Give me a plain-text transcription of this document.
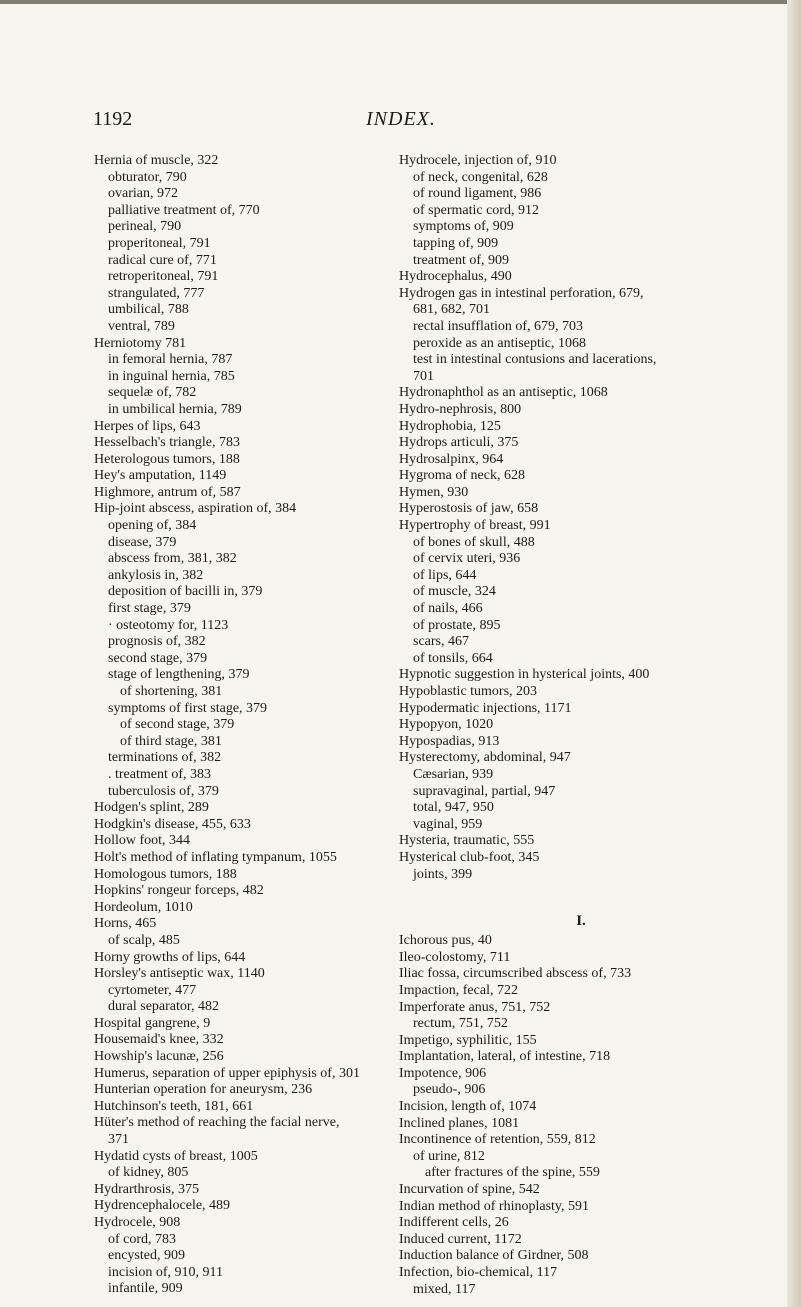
1192	INDEX.
Hernia of muscle, 322
obturator, 790
ovarian, 972
palliative treatment of, 770
perineal, 790
properitoneal, 791
radical cure of, 771
retroperitoneal, 791
strangulated, 777
umbilical, 788
ventral, 789
Herniotomy 781
in femoral hernia, 787
in inguinal hernia, 785
sequelæ of, 782
in umbilical hernia, 789
Herpes of lips, 643
Hesselbach's triangle, 783
Heterologous tumors, 188
Hey's amputation, 1149
Highmore, antrum of, 587
Hip-joint abscess, aspiration of, 384
opening of, 384
disease, 379
abscess from, 381, 382
ankylosis in, 382
deposition of bacilli in, 379
first stage, 379
· osteotomy for, 1123
prognosis of, 382
second stage, 379
stage of lengthening, 379
of shortening, 381
symptoms of first stage, 379
of second stage, 379
of third stage, 381
terminations of, 382
. treatment of, 383
tuberculosis of, 379
Hodgen's splint, 289
Hodgkin's disease, 455, 633
Hollow foot, 344
Holt's method of inflating tympanum, 1055
Homologous tumors, 188
Hopkins' rongeur forceps, 482
Hordeolum, 1010
Horns, 465
of scalp, 485
Horny growths of lips, 644
Horsley's antiseptic wax, 1140
cyrtometer, 477
dural separator, 482
Hospital gangrene, 9
Housemaid's knee, 332
Howship's lacunæ, 256
Humerus, separation of upper epiphysis of, 301
Hunterian operation for aneurysm, 236
Hutchinson's teeth, 181, 661
Hüter's method of reaching the facial nerve,
371
Hydatid cysts of breast, 1005
of kidney, 805
Hydrarthrosis, 375
Hydrencephalocele, 489
Hydrocele, 908
of cord, 783
encysted, 909
incision of, 910, 911
infantile, 909
Hydrocele, injection of, 910
of neck, congenital, 628
of round ligament, 986
of spermatic cord, 912
symptoms of, 909
tapping of, 909
treatment of, 909
Hydrocephalus, 490
Hydrogen gas in intestinal perforation, 679,
681, 682, 701
rectal insufflation of, 679, 703
peroxide as an antiseptic, 1068
test in intestinal contusions and lacerations,
701
Hydronaphthol as an antiseptic, 1068
Hydro-nephrosis, 800
Hydrophobia, 125
Hydrops articuli, 375
Hydrosalpinx, 964
Hygroma of neck, 628
Hymen, 930
Hyperostosis of jaw, 658
Hypertrophy of breast, 991
of bones of skull, 488
of cervix uteri, 936
of lips, 644
of muscle, 324
of nails, 466
of prostate, 895
scars, 467
of tonsils, 664
Hypnotic suggestion in hysterical joints, 400
Hypoblastic tumors, 203
Hypodermatic injections, 1171
Hypopyon, 1020
Hypospadias, 913
Hysterectomy, abdominal, 947
Cæsarian, 939
supravaginal, partial, 947
total, 947, 950
vaginal, 959
Hysteria, traumatic, 555
Hysterical club-foot, 345
joints, 399
I.
Ichorous pus, 40
Ileo-colostomy, 711
Iliac fossa, circumscribed abscess of, 733
Impaction, fecal, 722
Imperforate anus, 751, 752
rectum, 751, 752
Impetigo, syphilitic, 155
Implantation, lateral, of intestine, 718
Impotence, 906
pseudo-, 906
Incision, length of, 1074
Inclined planes, 1081
Incontinence of retention, 559, 812
of urine, 812
after fractures of the spine, 559
Incurvation of spine, 542
Indian method of rhinoplasty, 591
Indifferent cells, 26
Induced current, 1172
Induction balance of Girdner, 508
Infection, bio-chemical, 117
mixed, 117
